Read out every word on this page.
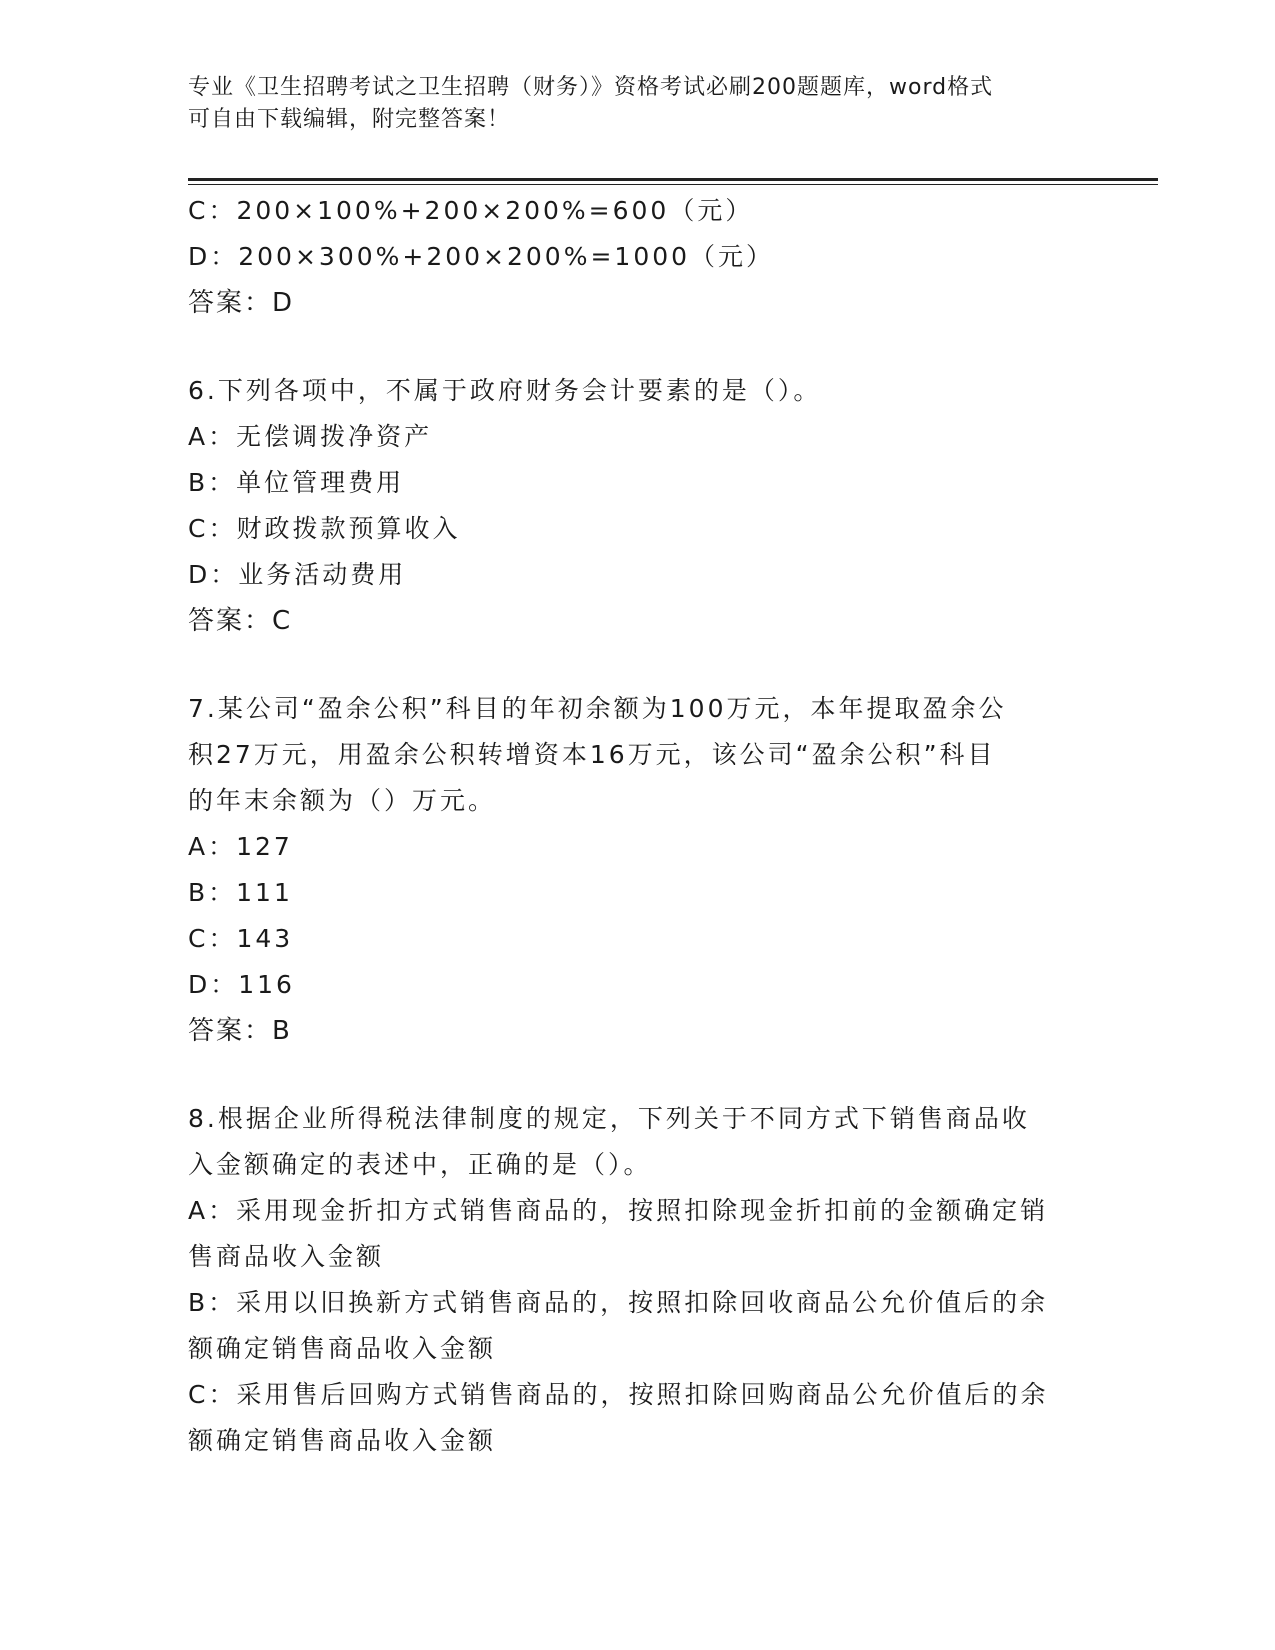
专业《卫生招聘考试之卫生招聘（财务）》资格考试必刷200题题库，word格式
可自由下载编辑，附完整答案！
C：200×100%+200×200%=600（元）
D：200×300%+200×200%=1000（元）
答案：D
6.下列各项中，不属于政府财务会计要素的是（）。
A：无偿调拨净资产
B：单位管理费用
C：财政拨款预算收入
D：业务活动费用
答案：C
7.某公司“盈余公积”科目的年初余额为100万元，本年提取盈余公
积27万元，用盈余公积转增资本16万元，该公司“盈余公积”科目
的年末余额为（）万元。
A：127
B：111
C：143
D：116
答案：B
8.根据企业所得税法律制度的规定，下列关于不同方式下销售商品收
入金额确定的表述中，正确的是（）。
A：采用现金折扣方式销售商品的，按照扣除现金折扣前的金额确定销
售商品收入金额
B：采用以旧换新方式销售商品的，按照扣除回收商品公允价值后的余
额确定销售商品收入金额
C：采用售后回购方式销售商品的，按照扣除回购商品公允价值后的余
额确定销售商品收入金额
